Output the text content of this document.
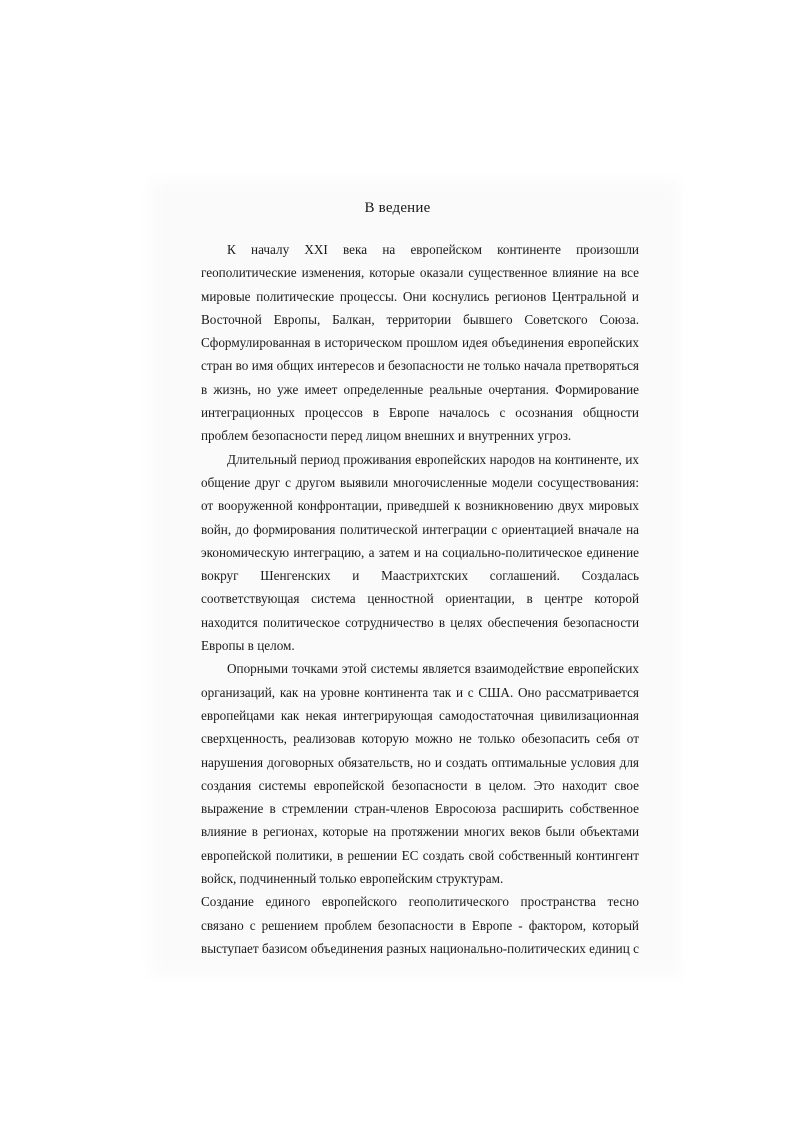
В ведение
К началу XXI века на европейском континенте произошли
геополитические изменения, которые оказали существенное влияние на все
мировые политические процессы. Они коснулись регионов Центральной и
Восточной Европы, Балкан, территории бывшего Советского Союза.
Сформулированная в историческом прошлом идея объединения европейских
стран во имя общих интересов и безопасности не только начала претворяться
в жизнь, но уже имеет определенные реальные очертания. Формирование
интеграционных процессов в Европе началось с осознания общности
проблем безопасности перед лицом внешних и внутренних угроз.
Длительный период проживания европейских народов на континенте, их
общение друг с другом выявили многочисленные модели сосуществования:
от вооруженной конфронтации, приведшей к возникновению двух мировых
войн, до формирования политической интеграции с ориентацией вначале на
экономическую интеграцию, а затем и на социально-политическое единение
вокруг Шенгенских и Маастрихтских соглашений. Создалась
соответствующая система ценностной ориентации, в центре которой
находится политическое сотрудничество в целях обеспечения безопасности
Европы в целом.
Опорными точками этой системы является взаимодействие европейских
организаций, как на уровне континента так и с США. Оно рассматривается
европейцами как некая интегрирующая самодостаточная цивилизационная
сверхценность, реализовав которую можно не только обезопасить себя от
нарушения договорных обязательств, но и создать оптимальные условия для
создания системы европейской безопасности в целом. Это находит свое
выражение в стремлении стран-членов Евросоюза расширить собственное
влияние в регионах, которые на протяжении многих веков были объектами
европейской политики, в решении ЕС создать свой собственный контингент
войск, подчиненный только европейским структурам.
Создание единого европейского геополитического пространства тесно
связано с решением проблем безопасности в Европе - фактором, который
выступает базисом объединения разных национально-политических единиц с
